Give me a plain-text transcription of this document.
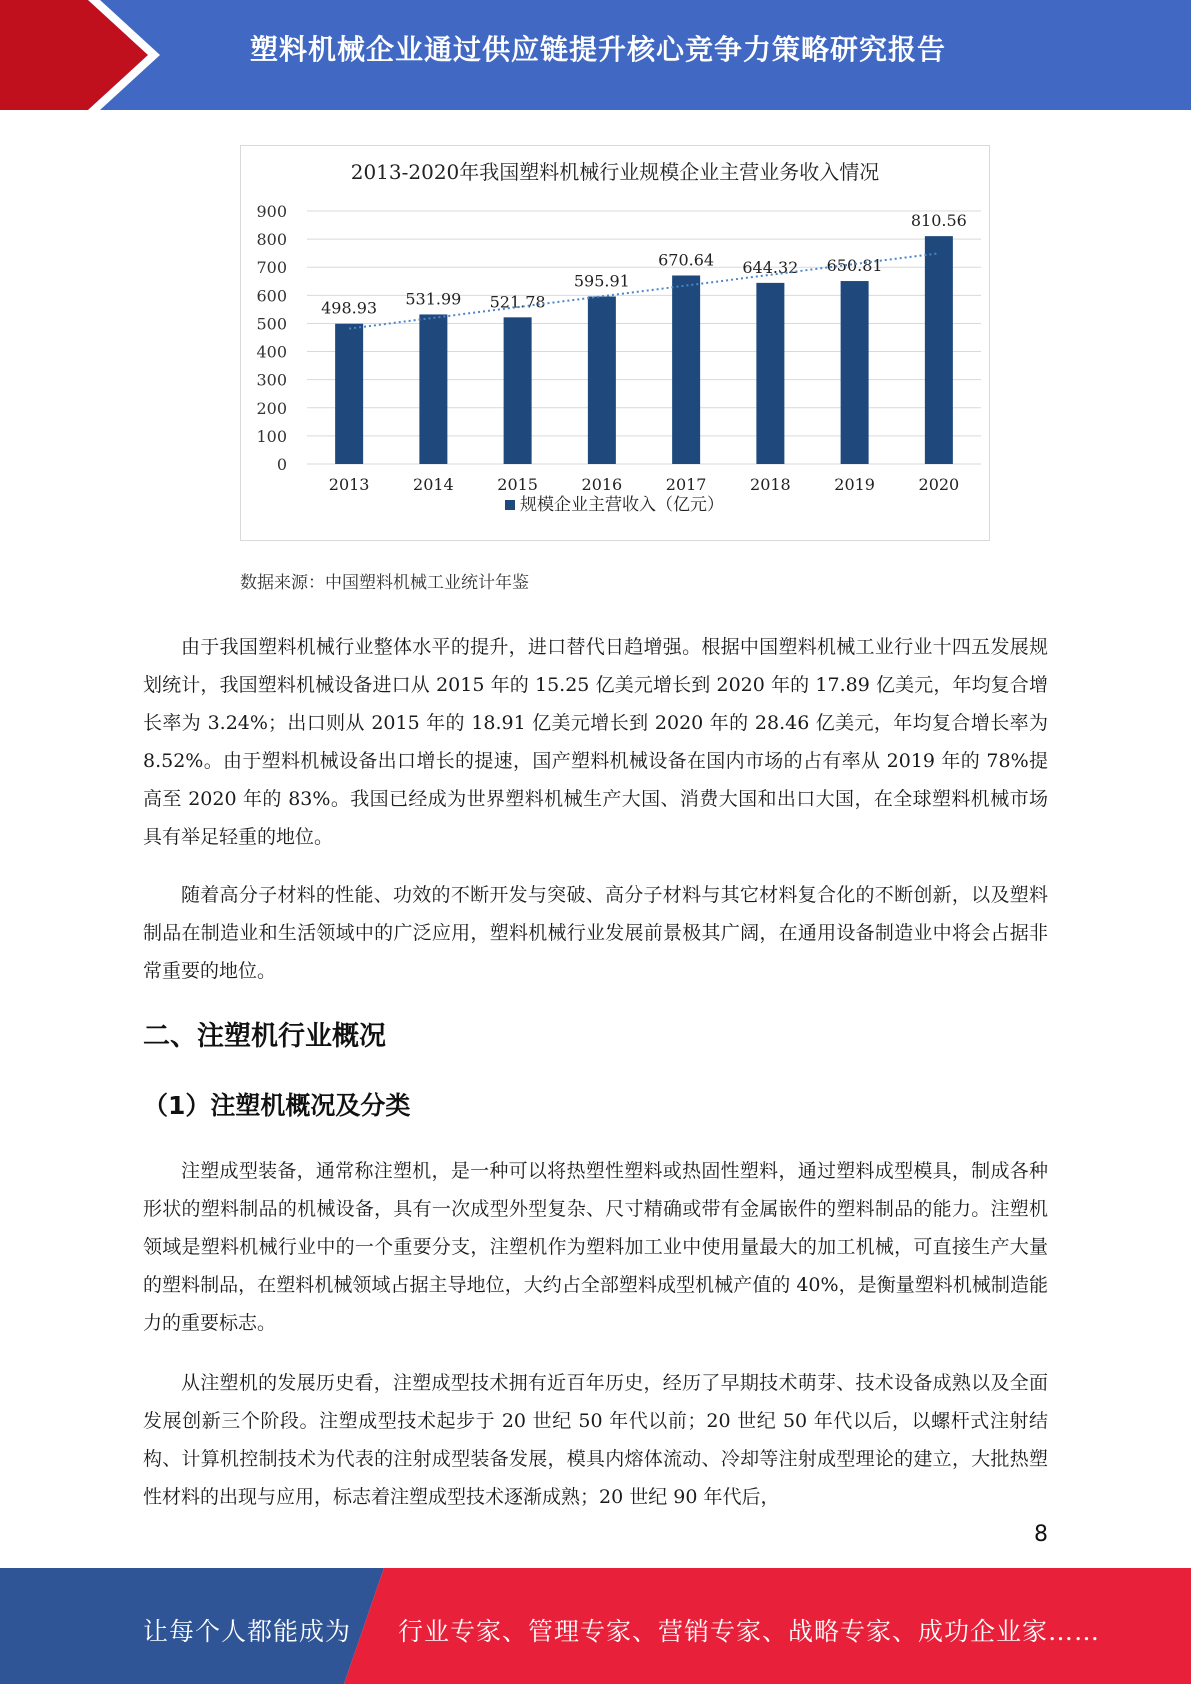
塑料机械企业通过供应链提升核心竞争力策略研究报告
2013-2020年我国塑料机械行业规模企业主营业务收入情况
0
100
200
300
400
500
600
700
800
900
498.93
2013
531.99
2014
521.78
2015
595.91
2016
670.64
2017
644.32
2018
650.81
2019
810.56
2020
规模企业主营收入（亿元）
数据来源：中国塑料机械工业统计年鉴

由于我国塑料机械行业整体水平的提升，进口替代日趋增强。根据中国塑料机械工业行业十四五发展规划统计，我国塑料机械设备进口从 2015 年的 15.25 亿美元增长到 2020 年的 17.89 亿美元，年均复合增长率为 3.24%；出口则从 2015 年的 18.91 亿美元增长到 2020 年的 28.46 亿美元，年均复合增长率为 8.52%。由于塑料机械设备出口增长的提速，国产塑料机械设备在国内市场的占有率从 2019 年的 78%提高至 2020 年的 83%。我国已经成为世界塑料机械生产大国、消费大国和出口大国，在全球塑料机械市场具有举足轻重的地位。

随着高分子材料的性能、功效的不断开发与突破、高分子材料与其它材料复合化的不断创新，以及塑料制品在制造业和生活领域中的广泛应用，塑料机械行业发展前景极其广阔，在通用设备制造业中将会占据非常重要的地位。

二、注塑机行业概况
（1）注塑机概况及分类

注塑成型装备，通常称注塑机，是一种可以将热塑性塑料或热固性塑料，通过塑料成型模具，制成各种形状的塑料制品的机械设备，具有一次成型外型复杂、尺寸精确或带有金属嵌件的塑料制品的能力。注塑机领域是塑料机械行业中的一个重要分支，注塑机作为塑料加工业中使用量最大的加工机械，可直接生产大量的塑料制品，在塑料机械领域占据主导地位，大约占全部塑料成型机械产值的 40%，是衡量塑料机械制造能力的重要标志。

从注塑机的发展历史看，注塑成型技术拥有近百年历史，经历了早期技术萌芽、技术设备成熟以及全面发展创新三个阶段。注塑成型技术起步于 20 世纪 50 年代以前；20 世纪 50 年代以后，以螺杆式注射结构、计算机控制技术为代表的注射成型装备发展，模具内熔体流动、冷却等注射成型理论的建立，大批热塑性材料的出现与应用，标志着注塑成型技术逐渐成熟；20 世纪 90 年代后，

8
让每个人都能成为 行业专家、管理专家、营销专家、战略专家、成功企业家……
